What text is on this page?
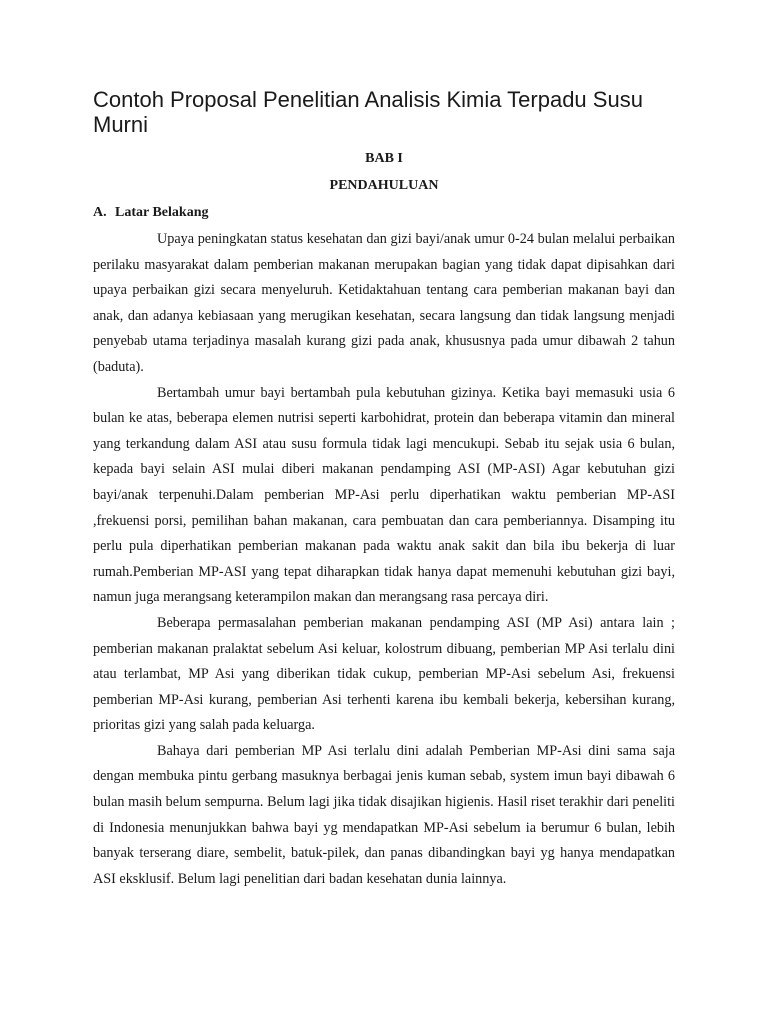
Contoh Proposal Penelitian Analisis Kimia Terpadu Susu Murni
BAB I
PENDAHULUAN
A. Latar Belakang

Upaya peningkatan status kesehatan dan gizi bayi/anak umur 0-24 bulan melalui perbaikan perilaku masyarakat dalam pemberian makanan merupakan bagian yang tidak dapat dipisahkan dari upaya perbaikan gizi secara menyeluruh. Ketidaktahuan tentang cara pemberian makanan bayi dan anak, dan adanya kebiasaan yang merugikan kesehatan, secara langsung dan tidak langsung menjadi penyebab utama terjadinya masalah kurang gizi pada anak, khususnya pada umur dibawah 2 tahun (baduta).

Bertambah umur bayi bertambah pula kebutuhan gizinya. Ketika bayi memasuki usia 6 bulan ke atas, beberapa elemen nutrisi seperti karbohidrat, protein dan beberapa vitamin dan mineral yang terkandung dalam ASI atau susu formula tidak lagi mencukupi. Sebab itu sejak usia 6 bulan, kepada bayi selain ASI mulai diberi makanan pendamping ASI (MP-ASI) Agar kebutuhan gizi bayi/anak terpenuhi.Dalam pemberian MP-Asi perlu diperhatikan waktu pemberian MP-ASI ,frekuensi porsi, pemilihan bahan makanan, cara pembuatan dan cara pemberiannya. Disamping itu perlu pula diperhatikan pemberian makanan pada waktu anak sakit dan bila ibu bekerja di luar rumah.Pemberian MP-ASI yang tepat diharapkan tidak hanya dapat memenuhi kebutuhan gizi bayi, namun juga merangsang keterampilon makan dan merangsang rasa percaya diri.

Beberapa permasalahan pemberian makanan pendamping ASI (MP Asi) antara lain ; pemberian makanan pralaktat sebelum Asi keluar, kolostrum dibuang, pemberian MP Asi terlalu dini atau terlambat, MP Asi yang diberikan tidak cukup, pemberian MP-Asi sebelum Asi, frekuensi pemberian MP-Asi kurang, pemberian Asi terhenti karena ibu kembali bekerja, kebersihan kurang, prioritas gizi yang salah pada keluarga.

Bahaya dari pemberian MP Asi terlalu dini adalah Pemberian MP-Asi dini sama saja dengan membuka pintu gerbang masuknya berbagai jenis kuman sebab, system imun bayi dibawah 6 bulan masih belum sempurna. Belum lagi jika tidak disajikan higienis. Hasil riset terakhir dari peneliti di Indonesia menunjukkan bahwa bayi yg mendapatkan MP-Asi sebelum ia berumur 6 bulan, lebih banyak terserang diare, sembelit, batuk-pilek, dan panas dibandingkan bayi yg hanya mendapatkan ASI eksklusif. Belum lagi penelitian dari badan kesehatan dunia lainnya.
